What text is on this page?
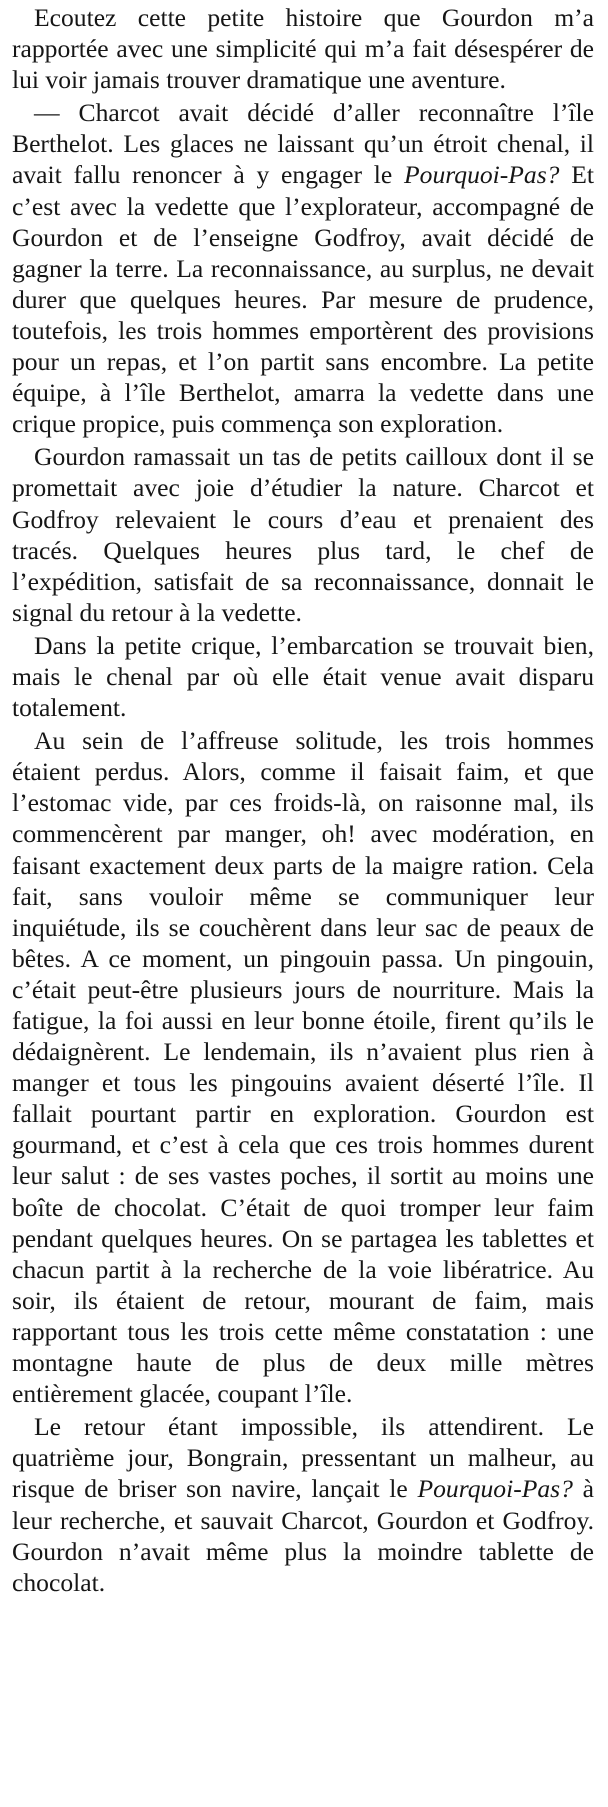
Ecoutez cette petite histoire que Gourdon m’a rapportée avec une simplicité qui m’a fait désespérer de lui voir jamais trouver dramatique une aventure.

— Charcot avait décidé d’aller reconnaître l’île Berthelot. Les glaces ne laissant qu’un étroit chenal, il avait fallu renoncer à y engager le Pourquoi-Pas? Et c’est avec la vedette que l’explorateur, accompagné de Gourdon et de l’enseigne Godfroy, avait décidé de gagner la terre. La reconnaissance, au surplus, ne devait durer que quelques heures. Par mesure de prudence, toutefois, les trois hommes emportèrent des provisions pour un repas, et l’on partit sans encombre. La petite équipe, à l’île Berthelot, amarra la vedette dans une crique propice, puis commença son exploration.

Gourdon ramassait un tas de petits cailloux dont il se promettait avec joie d’étudier la nature. Charcot et Godfroy relevaient le cours d’eau et prenaient des tracés. Quelques heures plus tard, le chef de l’expédition, satisfait de sa reconnaissance, donnait le signal du retour à la vedette.

Dans la petite crique, l’embarcation se trouvait bien, mais le chenal par où elle était venue avait disparu totalement.

Au sein de l’affreuse solitude, les trois hommes étaient perdus. Alors, comme il faisait faim, et que l’estomac vide, par ces froids-là, on raisonne mal, ils commencèrent par manger, oh! avec modération, en faisant exactement deux parts de la maigre ration. Cela fait, sans vouloir même se communiquer leur inquiétude, ils se couchèrent dans leur sac de peaux de bêtes. A ce moment, un pingouin passa. Un pingouin, c’était peut-être plusieurs jours de nourriture. Mais la fatigue, la foi aussi en leur bonne étoile, firent qu’ils le dédaignèrent. Le lendemain, ils n’avaient plus rien à manger et tous les pingouins avaient déserté l’île. Il fallait pourtant partir en exploration. Gourdon est gourmand, et c’est à cela que ces trois hommes durent leur salut : de ses vastes poches, il sortit au moins une boîte de chocolat. C’était de quoi tromper leur faim pendant quelques heures. On se partagea les tablettes et chacun partit à la recherche de la voie libératrice. Au soir, ils étaient de retour, mourant de faim, mais rapportant tous les trois cette même constatation : une montagne haute de plus de deux mille mètres entièrement glacée, coupant l’île.

Le retour étant impossible, ils attendirent. Le quatrième jour, Bongrain, pressentant un malheur, au risque de briser son navire, lançait le Pourquoi-Pas? à leur recherche, et sauvait Charcot, Gourdon et Godfroy. Gourdon n’avait même plus la moindre tablette de chocolat.
